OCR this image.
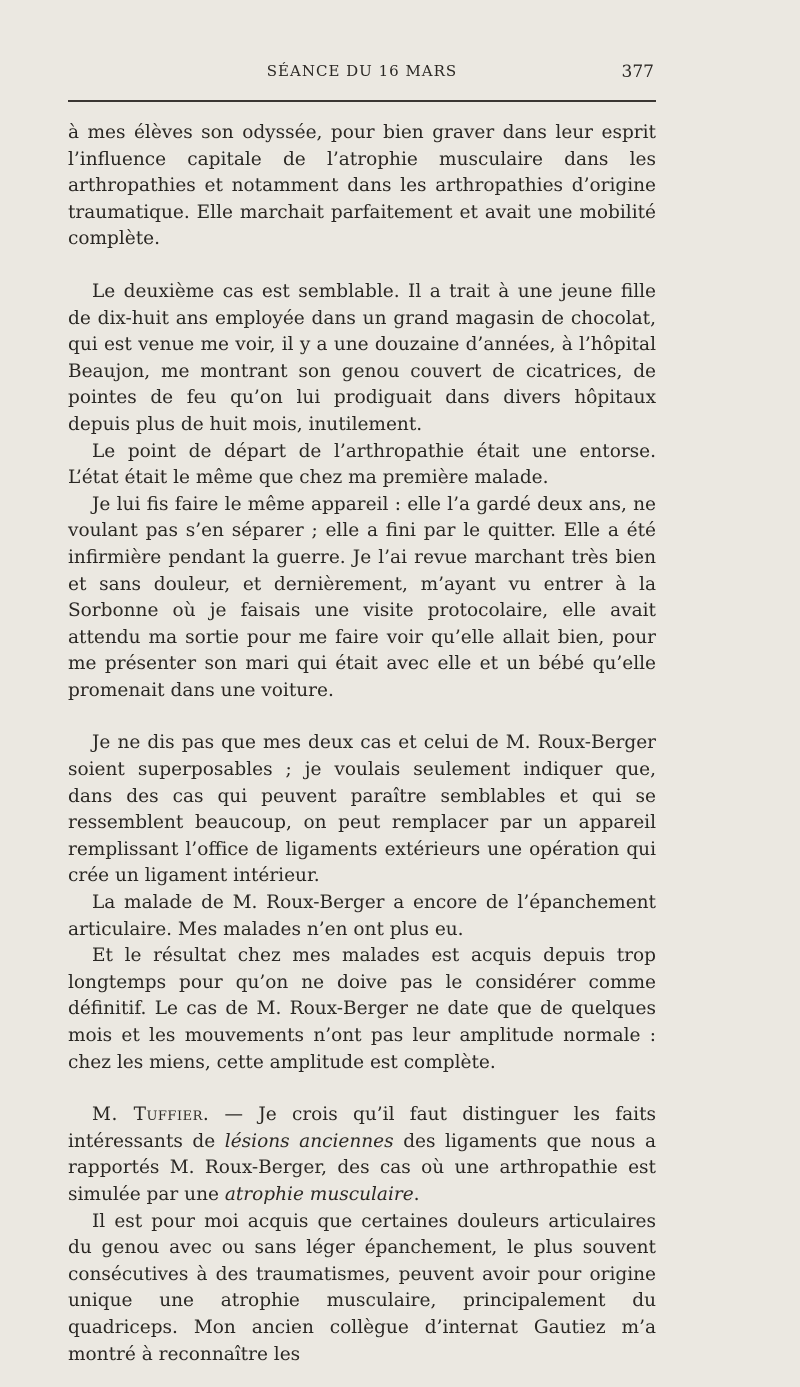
SÉANCE DU 16 MARS	377

à mes élèves son odyssée, pour bien graver dans leur esprit l’influence capitale de l’atrophie musculaire dans les arthropathies et notamment dans les arthropathies d’origine traumatique. Elle marchait parfaitement et avait une mobilité complète.

Le deuxième cas est semblable. Il a trait à une jeune fille de dix-huit ans employée dans un grand magasin de chocolat, qui est venue me voir, il y a une douzaine d’années, à l’hôpital Beaujon, me montrant son genou couvert de cicatrices, de pointes de feu qu’on lui prodiguait dans divers hôpitaux depuis plus de huit mois, inutilement.

Le point de départ de l’arthropathie était une entorse. L’état était le même que chez ma première malade.

Je lui fis faire le même appareil : elle l’a gardé deux ans, ne voulant pas s’en séparer ; elle a fini par le quitter. Elle a été infirmière pendant la guerre. Je l’ai revue marchant très bien et sans douleur, et dernièrement, m’ayant vu entrer à la Sorbonne où je faisais une visite protocolaire, elle avait attendu ma sortie pour me faire voir qu’elle allait bien, pour me présenter son mari qui était avec elle et un bébé qu’elle promenait dans une voiture.

Je ne dis pas que mes deux cas et celui de M. Roux-Berger soient superposables ; je voulais seulement indiquer que, dans des cas qui peuvent paraître semblables et qui se ressemblent beaucoup, on peut remplacer par un appareil remplissant l’office de ligaments extérieurs une opération qui crée un ligament intérieur.

La malade de M. Roux-Berger a encore de l’épanchement articulaire. Mes malades n’en ont plus eu.

Et le résultat chez mes malades est acquis depuis trop longtemps pour qu’on ne doive pas le considérer comme définitif. Le cas de M. Roux-Berger ne date que de quelques mois et les mouvements n’ont pas leur amplitude normale : chez les miens, cette amplitude est complète.

M. Tuffier. — Je crois qu’il faut distinguer les faits intéressants de lésions anciennes des ligaments que nous a rapportés M. Roux-Berger, des cas où une arthropathie est simulée par une atrophie musculaire.

Il est pour moi acquis que certaines douleurs articulaires du genou avec ou sans léger épanchement, le plus souvent consécutives à des traumatismes, peuvent avoir pour origine unique une atrophie musculaire, principalement du quadriceps. Mon ancien collègue d’internat Gautiez m’a montré à reconnaître les
